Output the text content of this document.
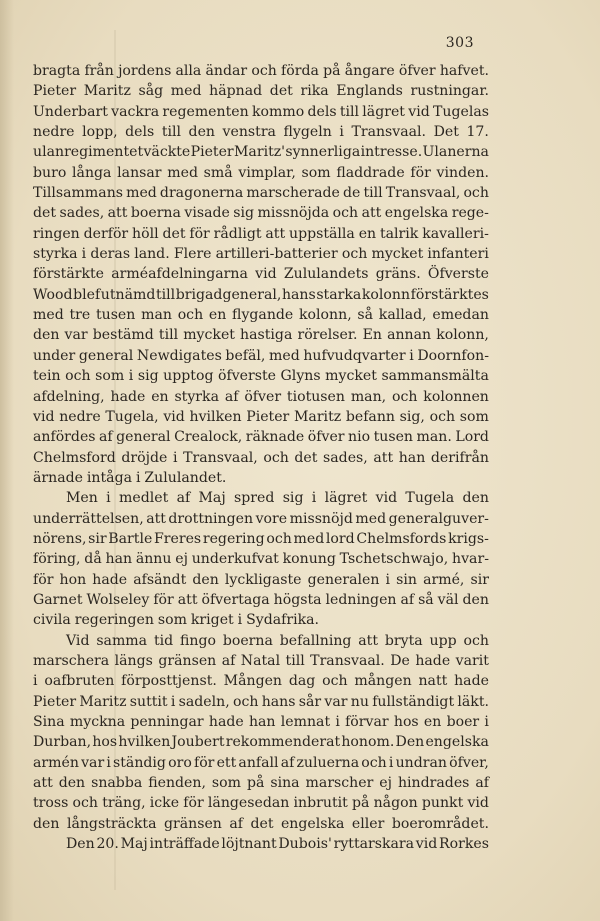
303
bragta från jordens alla ändar och förda på ångare öfver hafvet.
Pieter Maritz såg med häpnad det rika Englands rustningar.
Underbart vackra regementen kommo dels till lägret vid Tugelas
nedre lopp, dels till den venstra flygeln i Transvaal. Det 17.
ulanregimentet väckte Pieter Maritz' synnerliga intresse. Ulanerna
buro långa lansar med små vimplar, som fladdrade för vinden.
Tillsammans med dragonerna marscherade de till Transvaal, och
det sades, att boerna visade sig missnöjda och att engelska rege-
ringen derför höll det för rådligt att uppställa en talrik kavalleri-
styrka i deras land. Flere artilleri-batterier och mycket infanteri
förstärkte arméafdelningarna vid Zululandets gräns. Öfverste
Wood blef utnämd till brigadgeneral, hans starka kolonn förstärktes
med tre tusen man och en flygande kolonn, så kallad, emedan
den var bestämd till mycket hastiga rörelser. En annan kolonn,
under general Newdigates befäl, med hufvudqvarter i Doornfon-
tein och som i sig upptog öfverste Glyns mycket sammansmälta
afdelning, hade en styrka af öfver tiotusen man, och kolonnen
vid nedre Tugela, vid hvilken Pieter Maritz befann sig, och som
anfördes af general Crealock, räknade öfver nio tusen man. Lord
Chelmsford dröjde i Transvaal, och det sades, att han derifrån
ärnade intåga i Zululandet.
Men i medlet af Maj spred sig i lägret vid Tugela den
underrättelsen, att drottningen vore missnöjd med generalguver-
nörens, sir Bartle Freres regering och med lord Chelmsfords krigs-
föring, då han ännu ej underkufvat konung Tschetschwajo, hvar-
för hon hade afsändt den lyckligaste generalen i sin armé, sir
Garnet Wolseley för att öfvertaga högsta ledningen af så väl den
civila regeringen som kriget i Sydafrika.
Vid samma tid fingo boerna befallning att bryta upp och
marschera längs gränsen af Natal till Transvaal. De hade varit
i oafbruten förposttjenst. Mången dag och mången natt hade
Pieter Maritz suttit i sadeln, och hans sår var nu fullständigt läkt.
Sina myckna penningar hade han lemnat i förvar hos en boer i
Durban, hos hvilken Joubert rekommenderat honom. Den engelska
armén var i ständig oro för ett anfall af zuluerna och i undran öfver,
att den snabba fienden, som på sina marscher ej hindrades af
tross och träng, icke för längesedan inbrutit på någon punkt vid
den långsträckta gränsen af det engelska eller boerområdet.
Den 20. Maj inträffade löjtnant Dubois' ryttarskara vid Rorkes
